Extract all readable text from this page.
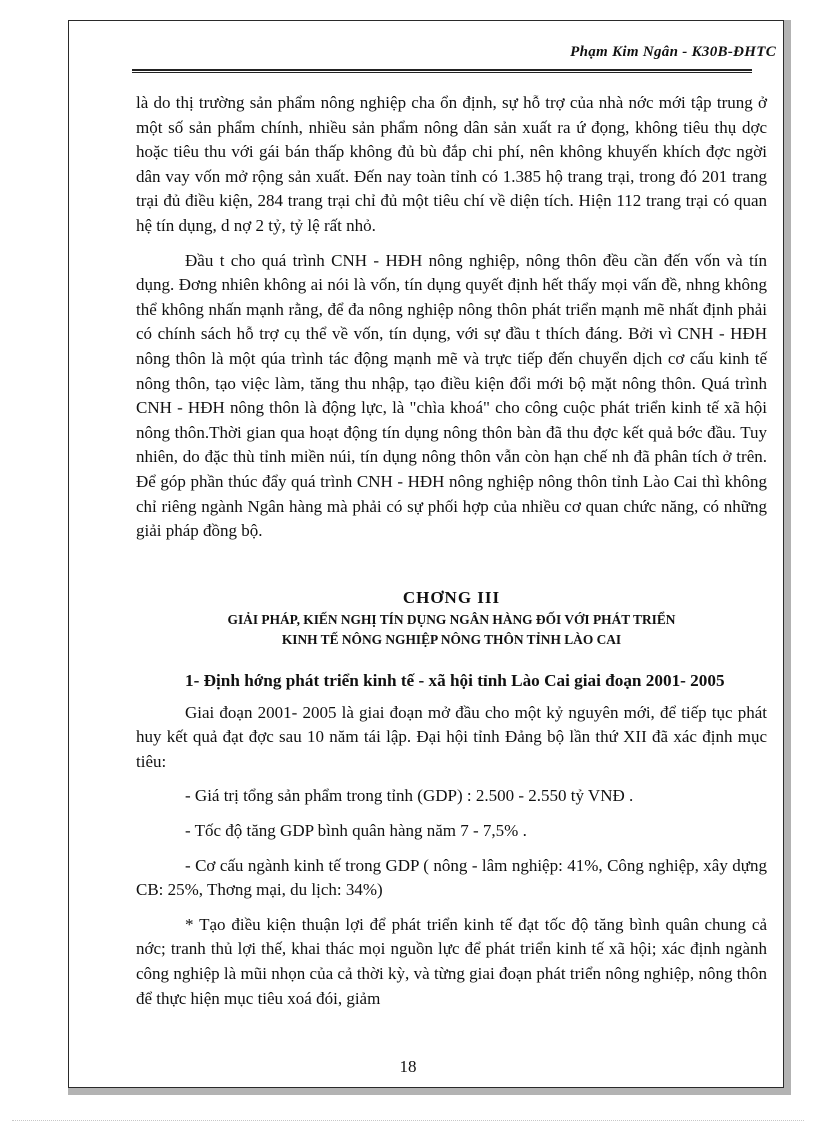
Phạm Kim Ngân - K30B-ĐHTC

là do thị trường sản phẩm nông nghiệp cha ổn định, sự hỗ trợ của nhà nớc mới tập trung ở một số sản phẩm chính, nhiều sản phẩm nông dân sản xuất ra ứ đọng, không tiêu thụ dợc hoặc tiêu thu với gái bán thấp không đủ bù đắp chi phí, nên không khuyến khích đợc ngời dân vay vốn mở rộng sản xuất. Đến nay toàn tỉnh có 1.385 hộ trang trại, trong đó 201 trang trại đủ điều kiện, 284 trang trại chỉ đủ một tiêu chí về diện tích. Hiện 112 trang trại có quan hệ tín dụng, d nợ 2 tỷ, tỷ lệ rất nhỏ.

Đầu t cho quá trình CNH - HĐH nông nghiệp, nông thôn đều cần đến vốn và tín dụng. Đơng nhiên không ai nói là vốn, tín dụng quyết định hết thấy mọi vấn đề, nhng không thể không nhấn mạnh rằng, để đa nông nghiệp nông thôn phát triển mạnh mẽ nhất định phải có chính sách hỗ trợ cụ thể về vốn, tín dụng, với sự đầu t thích đáng. Bởi vì CNH - HĐH nông thôn là một qúa trình tác động mạnh mẽ và trực tiếp đến chuyển dịch cơ cấu kinh tế nông thôn, tạo việc làm, tăng thu nhập, tạo điều kiện đổi mới bộ mặt nông thôn. Quá trình CNH - HĐH nông thôn là động lực, là "chìa khoá" cho công cuộc phát triển kinh tế xã hội nông thôn.Thời gian qua hoạt động tín dụng nông thôn bàn đã thu đợc kết quả bớc đầu. Tuy nhiên, do đặc thù tỉnh miền núi, tín dụng nông thôn vẫn còn hạn chế nh đã phân tích ở trên. Để góp phần thúc đẩy quá trình CNH - HĐH nông nghiệp nông thôn tỉnh Lào Cai thì không chỉ riêng ngành Ngân hàng mà phải có sự phối hợp của nhiều cơ quan chức năng, có những giải pháp đồng bộ.

CHƠNG III
GIẢI PHÁP, KIẾN NGHỊ TÍN DỤNG NGÂN HÀNG ĐỐI VỚI PHÁT TRIỂN
KINH TẾ NÔNG NGHIỆP NÔNG THÔN TỈNH LÀO CAI
1- Định hớng phát triển kinh tế - xã hội tỉnh Lào Cai giai đoạn 2001- 2005

Giai đoạn 2001- 2005 là giai đoạn mở đầu cho một kỷ nguyên mới, để tiếp tục phát huy kết quả đạt đợc sau 10 năm tái lập. Đại hội tỉnh Đảng bộ lần thứ XII đã xác định mục tiêu:

- Giá trị tổng sản phẩm trong tỉnh (GDP) : 2.500 - 2.550 tỷ VNĐ .

- Tốc độ tăng GDP bình quân hàng năm 7 - 7,5% .

- Cơ cấu ngành kinh tế trong GDP ( nông - lâm nghiệp: 41%, Công nghiệp, xây dựng CB: 25%, Thơng mại, du lịch: 34%)

* Tạo điều kiện thuận lợi để phát triển kinh tế đạt tốc độ tăng bình quân chung cả nớc; tranh thủ lợi thế, khai thác mọi nguồn lực để phát triển kinh tế xã hội; xác định ngành công nghiệp là mũi nhọn của cả thời kỳ, và từng giai đoạn phát triển nông nghiệp, nông thôn để thực hiện mục tiêu xoá đói, giảm

18
